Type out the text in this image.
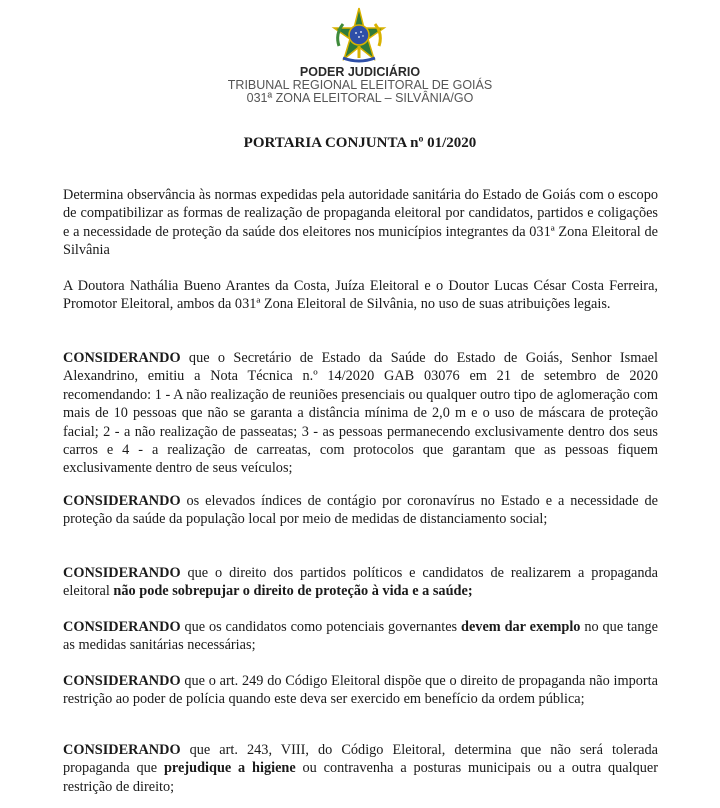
PODER JUDICIÁRIO
TRIBUNAL REGIONAL ELEITORAL DE GOIÁS
031ª ZONA ELEITORAL – SILVÂNIA/GO
PORTARIA CONJUNTA nº 01/2020
Determina observância às normas expedidas pela autoridade sanitária do Estado de Goiás com o escopo de compatibilizar as formas de realização de propaganda eleitoral por candidatos, partidos e coligações e a necessidade de proteção da saúde dos eleitores nos municípios integrantes da 031ª Zona Eleitoral de Silvânia
A Doutora Nathália Bueno Arantes da Costa, Juíza Eleitoral e o Doutor Lucas César Costa Ferreira, Promotor Eleitoral, ambos da 031ª Zona Eleitoral de Silvânia, no uso de suas atribuições legais.
CONSIDERANDO que o Secretário de Estado da Saúde do Estado de Goiás, Senhor Ismael Alexandrino, emitiu a Nota Técnica n.º 14/2020 GAB 03076 em 21 de setembro de 2020 recomendando: 1 - A não realização de reuniões presenciais ou qualquer outro tipo de aglomeração com mais de 10 pessoas que não se garanta a distância mínima de 2,0 m e o uso de máscara de proteção facial; 2 - a não realização de passeatas; 3 - as pessoas permanecendo exclusivamente dentro dos seus carros e 4 - a realização de carreatas, com protocolos que garantam que as pessoas fiquem exclusivamente dentro de seus veículos;
CONSIDERANDO os elevados índices de contágio por coronavírus no Estado e a necessidade de proteção da saúde da população local por meio de medidas de distanciamento social;
CONSIDERANDO que o direito dos partidos políticos e candidatos de realizarem a propaganda eleitoral não pode sobrepujar o direito de proteção à vida e a saúde;
CONSIDERANDO que os candidatos como potenciais governantes devem dar exemplo no que tange as medidas sanitárias necessárias;
CONSIDERANDO que o art. 249 do Código Eleitoral dispõe que o direito de propaganda não importa restrição ao poder de polícia quando este deva ser exercido em benefício da ordem pública;
CONSIDERANDO que art. 243, VIII, do Código Eleitoral, determina que não será tolerada propaganda que prejudique a higiene ou contravenha a posturas municipais ou a outra qualquer restrição de direito;
